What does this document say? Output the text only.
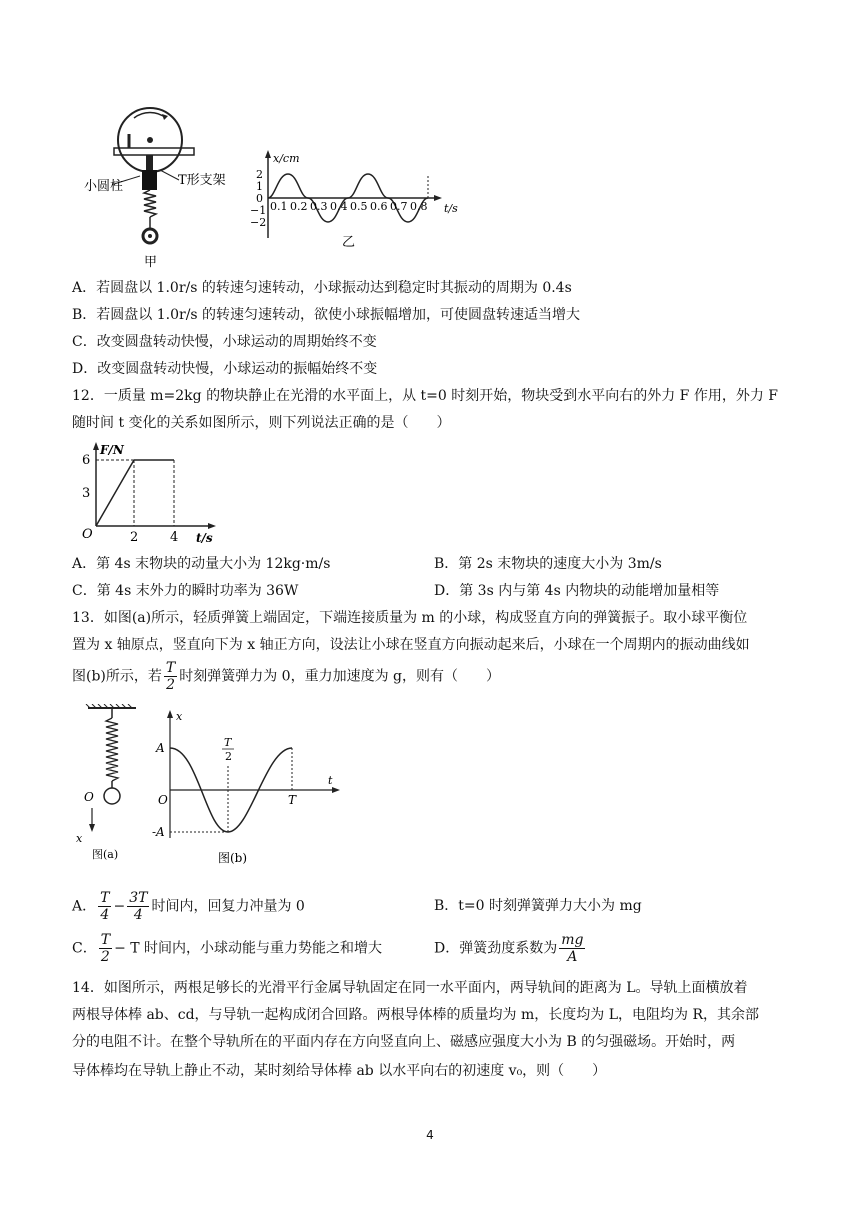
小圆柱	T形支架
甲
x/cm
t/s
2
1
0
−1
−2
0.1 0.2 0.3 0.4 0.5 0.6 0.7 0.8
乙
A．若圆盘以 1.0r/s 的转速匀速转动，小球振动达到稳定时其振动的周期为 0.4s
B．若圆盘以 1.0r/s 的转速匀速转动，欲使小球振幅增加，可使圆盘转速适当增大
C．改变圆盘转动快慢，小球运动的周期始终不变
D．改变圆盘转动快慢，小球运动的振幅始终不变
12．一质量 m=2kg 的物块静止在光滑的水平面上，从 t=0 时刻开始，物块受到水平向右的外力 F 作用，外力 F
随时间 t 变化的关系如图所示，则下列说法正确的是（　　）
F/N
6
3
O	2 4 t/s
A．第 4s 末物块的动量大小为 12kg·m/s	B．第 2s 末物块的速度大小为 3m/s
C．第 4s 末外力的瞬时功率为 36W	D．第 3s 内与第 4s 内物块的动能增加量相等
13．如图(a)所示，轻质弹簧上端固定，下端连接质量为 m 的小球，构成竖直方向的弹簧振子。取小球平衡位
置为 x 轴原点，竖直向下为 x 轴正方向，设法让小球在竖直方向振动起来后，小球在一个周期内的振动曲线如
图(b)所示，若 $\frac{T}{2}$ 时刻弹簧弹力为 0，重力加速度为 g，则有（　　）
O
x
图(a)
x
A
-A
O
T
2
T
t
图(b)
A． $\frac{T}{4} - \frac{3T}{4}$ 时间内，回复力冲量为 0	B．t=0 时刻弹簧弹力大小为 mg
C． $\frac{T}{2} - T$ 时间内，小球动能与重力势能之和增大	D．弹簧劲度系数为 $\frac{mg}{A}$
14．如图所示，两根足够长的光滑平行金属导轨固定在同一水平面内，两导轨间的距离为 L。导轨上面横放着
两根导体棒 ab、cd，与导轨一起构成闭合回路。两根导体棒的质量均为 m，长度均为 L，电阻均为 R，其余部
分的电阻不计。在整个导轨所在的平面内存在方向竖直向上、磁感应强度大小为 B 的匀强磁场。开始时，两
导体棒均在导轨上静止不动，某时刻给导体棒 ab 以水平向右的初速度 v₀，则（　　）
4
